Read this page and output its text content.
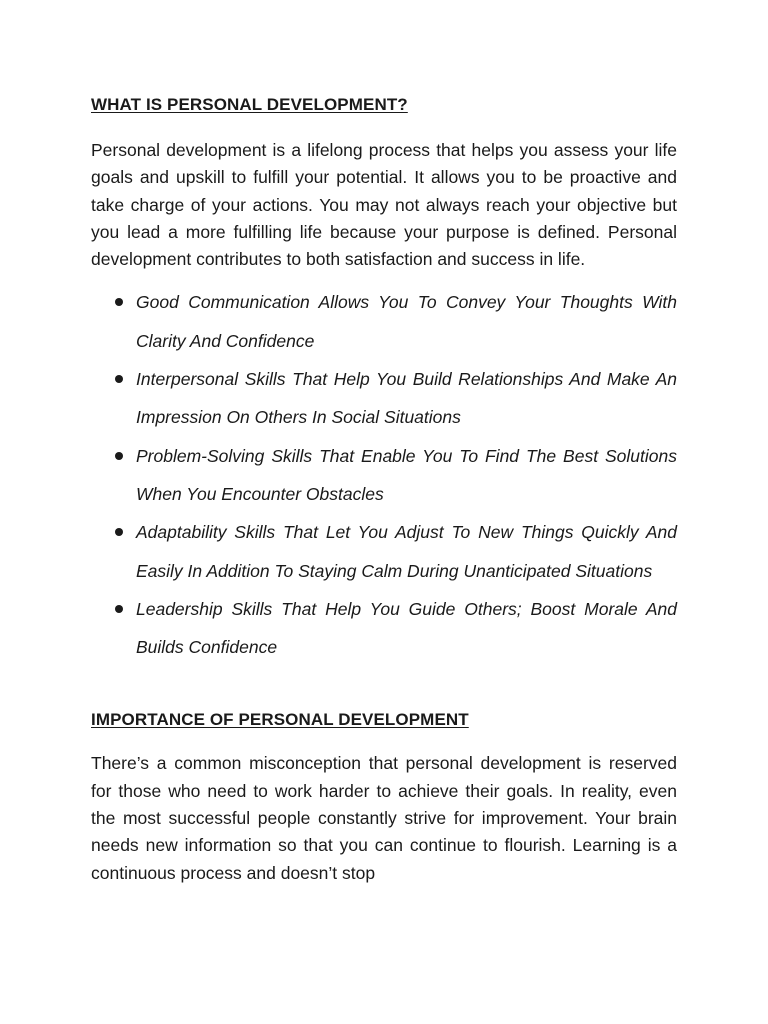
WHAT IS PERSONAL DEVELOPMENT?

Personal development is a lifelong process that helps you assess your life goals and upskill to fulfill your potential. It allows you to be proactive and take charge of your actions. You may not always reach your objective but you lead a more fulfilling life because your purpose is defined. Personal development contributes to both satisfaction and success in life.

Good Communication Allows You To Convey Your Thoughts With Clarity And Confidence
Interpersonal Skills That Help You Build Relationships And Make An Impression On Others In Social Situations
Problem-Solving Skills That Enable You To Find The Best Solutions When You Encounter Obstacles
Adaptability Skills That Let You Adjust To New Things Quickly And Easily In Addition To Staying Calm During Unanticipated Situations
Leadership Skills That Help You Guide Others; Boost Morale And Builds Confidence
IMPORTANCE OF PERSONAL DEVELOPMENT

There’s a common misconception that personal development is reserved for those who need to work harder to achieve their goals. In reality, even the most successful people constantly strive for improvement. Your brain needs new information so that you can continue to flourish. Learning is a continuous process and doesn’t stop
